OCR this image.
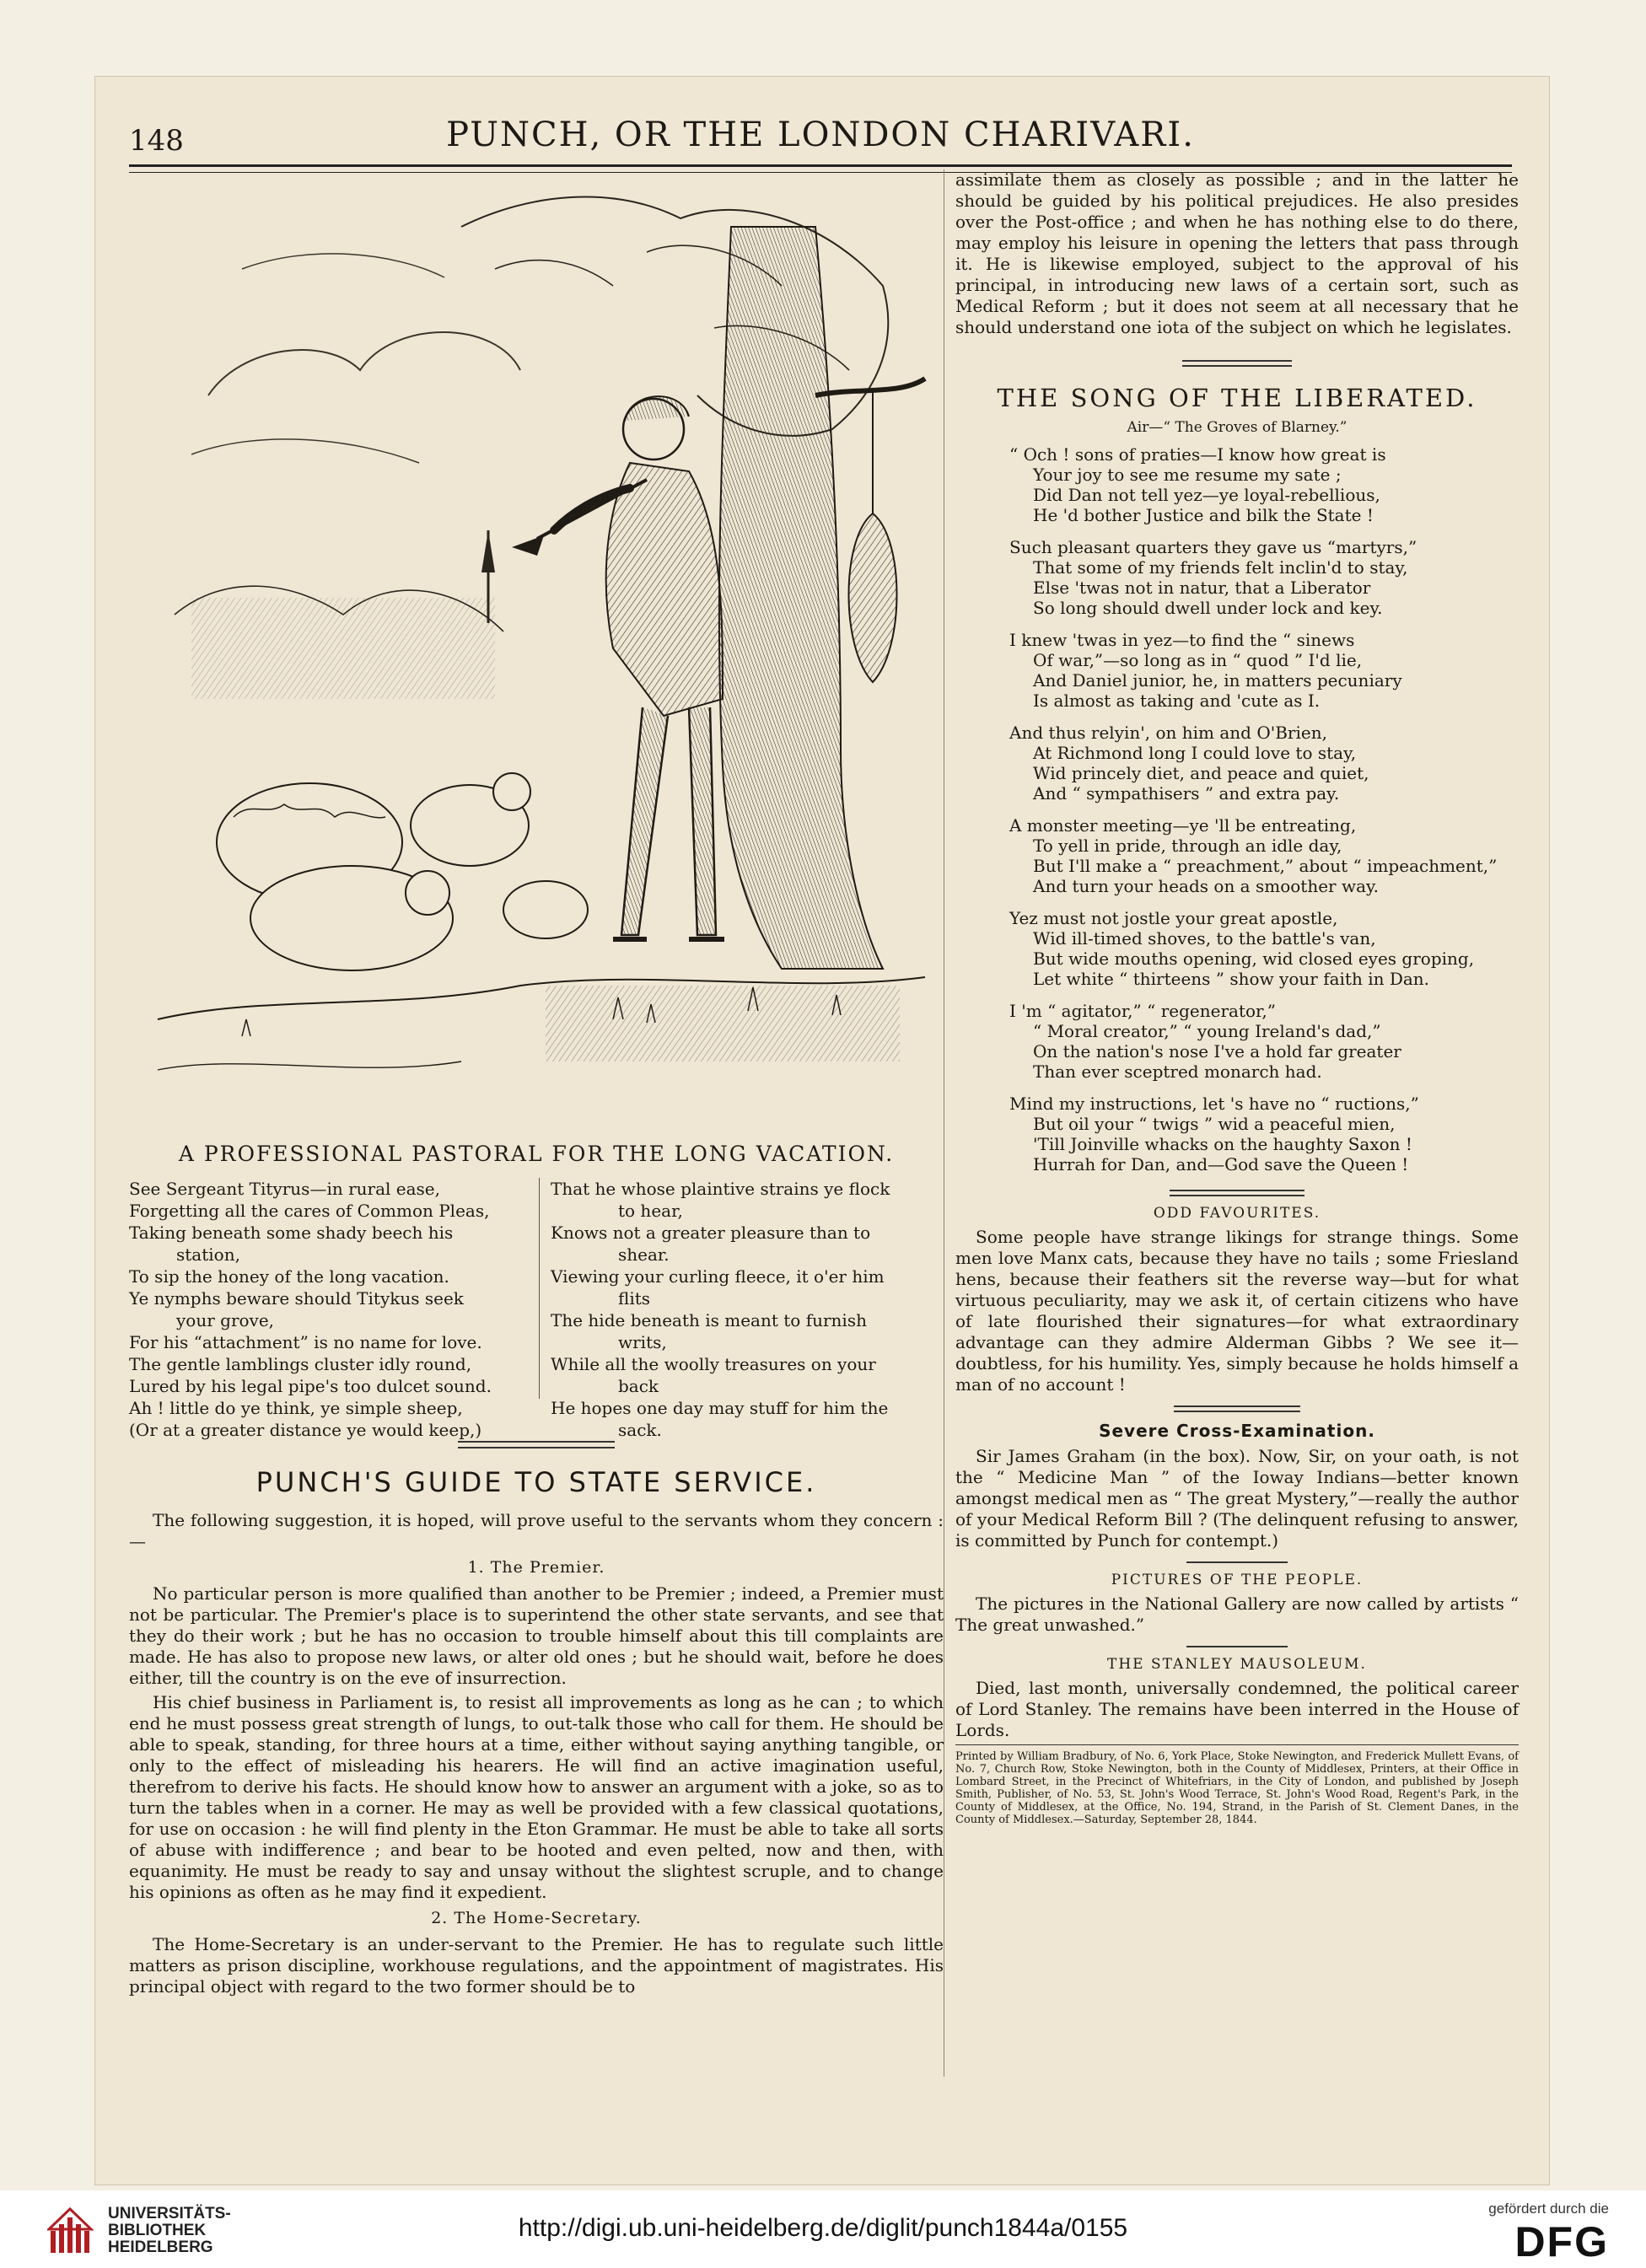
148	PUNCH, OR THE LONDON CHARIVARI.
A PROFESSIONAL PASTORAL FOR THE LONG VACATION.

See Sergeant Tityrus—in rural ease,

Forgetting all the cares of Common Pleas,

Taking beneath some shady beech his

station,

To sip the honey of the long vacation.

Ye nymphs beware should Titykus seek

your grove,

For his “attachment” is no name for love.

The gentle lamblings cluster idly round,

Lured by his legal pipe's too dulcet sound.

Ah ! little do ye think, ye simple sheep,

(Or at a greater distance ye would keep,)

That he whose plaintive strains ye flock

to hear,

Knows not a greater pleasure than to

shear.

Viewing your curling fleece, it o'er him

flits

The hide beneath is meant to furnish

writs,

While all the woolly treasures on your

back

He hopes one day may stuff for him the

sack.

PUNCH'S GUIDE TO STATE SERVICE.

The following suggestion, it is hoped, will prove useful to the servants whom they concern :—

1. The Premier.

No particular person is more qualified than another to be Premier ; indeed, a Premier must not be particular. The Premier's place is to superintend the other state servants, and see that they do their work ; but he has no occasion to trouble himself about this till complaints are made. He has also to propose new laws, or alter old ones ; but he should wait, before he does either, till the country is on the eve of insurrection.

His chief business in Parliament is, to resist all improvements as long as he can ; to which end he must possess great strength of lungs, to out-talk those who call for them. He should be able to speak, standing, for three hours at a time, either without saying anything tangible, or only to the effect of misleading his hearers. He will find an active imagination useful, therefrom to derive his facts. He should know how to answer an argument with a joke, so as to turn the tables when in a corner. He may as well be provided with a few classical quotations, for use on occasion : he will find plenty in the Eton Grammar. He must be able to take all sorts of abuse with indifference ; and bear to be hooted and even pelted, now and then, with equanimity. He must be ready to say and unsay without the slightest scruple, and to change his opinions as often as he may find it expedient.

2. The Home-Secretary.

The Home-Secretary is an under-servant to the Premier. He has to regulate such little matters as prison discipline, workhouse regulations, and the appointment of magistrates. His principal object with regard to the two former should be to

assimilate them as closely as possible ; and in the latter he should be guided by his political prejudices. He also presides over the Post-office ; and when he has nothing else to do there, may employ his leisure in opening the letters that pass through it. He is likewise employed, subject to the approval of his principal, in introducing new laws of a certain sort, such as Medical Reform ; but it does not seem at all necessary that he should understand one iota of the subject on which he legislates.

THE SONG OF THE LIBERATED.
Air—“ The Groves of Blarney.”

“ Och ! sons of praties—I know how great is

Your joy to see me resume my sate ;

Did Dan not tell yez—ye loyal-rebellious,

He 'd bother Justice and bilk the State !

Such pleasant quarters they gave us “martyrs,”

That some of my friends felt inclin'd to stay,

Else 'twas not in natur, that a Liberator

So long should dwell under lock and key.

I knew 'twas in yez—to find the “ sinews

Of war,”—so long as in “ quod ” I'd lie,

And Daniel junior, he, in matters pecuniary

Is almost as taking and 'cute as I.

And thus relyin', on him and O'Brien,

At Richmond long I could love to stay,

Wid princely diet, and peace and quiet,

And “ sympathisers ” and extra pay.

A monster meeting—ye 'll be entreating,

To yell in pride, through an idle day,

But I'll make a “ preachment,” about “ impeachment,”

And turn your heads on a smoother way.

Yez must not jostle your great apostle,

Wid ill-timed shoves, to the battle's van,

But wide mouths opening, wid closed eyes groping,

Let white “ thirteens ” show your faith in Dan.

I 'm “ agitator,” “ regenerator,”

“ Moral creator,” “ young Ireland's dad,”

On the nation's nose I've a hold far greater

Than ever sceptred monarch had.

Mind my instructions, let 's have no “ ructions,”

But oil your “ twigs ” wid a peaceful mien,

'Till Joinville whacks on the haughty Saxon !

Hurrah for Dan, and—God save the Queen !

ODD FAVOURITES.

Some people have strange likings for strange things. Some men love Manx cats, because they have no tails ; some Friesland hens, because their feathers sit the reverse way—but for what virtuous peculiarity, may we ask it, of certain citizens who have of late flourished their signatures—for what extraordinary advantage can they admire Alderman Gibbs ? We see it—doubtless, for his humility. Yes, simply because he holds himself a man of no account !

Severe Cross-Examination.

Sir James Graham (in the box). Now, Sir, on your oath, is not the “ Medicine Man ” of the Ioway Indians—better known amongst medical men as “ The great Mystery,”—really the author of your Medical Reform Bill ? (The delinquent refusing to answer, is committed by Punch for contempt.)

PICTURES OF THE PEOPLE.

The pictures in the National Gallery are now called by artists “ The great unwashed.”

THE STANLEY MAUSOLEUM.

Died, last month, universally condemned, the political career of Lord Stanley. The remains have been interred in the House of Lords.

Printed by William Bradbury, of No. 6, York Place, Stoke Newington, and Frederick Mullett Evans, of No. 7, Church Row, Stoke Newington, both in the County of Middlesex, Printers, at their Office in Lombard Street, in the Precinct of Whitefriars, in the City of London, and published by Joseph Smith, Publisher, of No. 53, St. John's Wood Terrace, St. John's Wood Road, Regent's Park, in the County of Middlesex, at the Office, No. 194, Strand, in the Parish of St. Clement Danes, in the County of Middlesex.—Saturday, September 28, 1844.
UNIVERSITÄTS-
BIBLIOTHEK
HEIDELBERG
http://digi.ub.uni-heidelberg.de/diglit/punch1844a/0155
gefördert durch die
DFG
